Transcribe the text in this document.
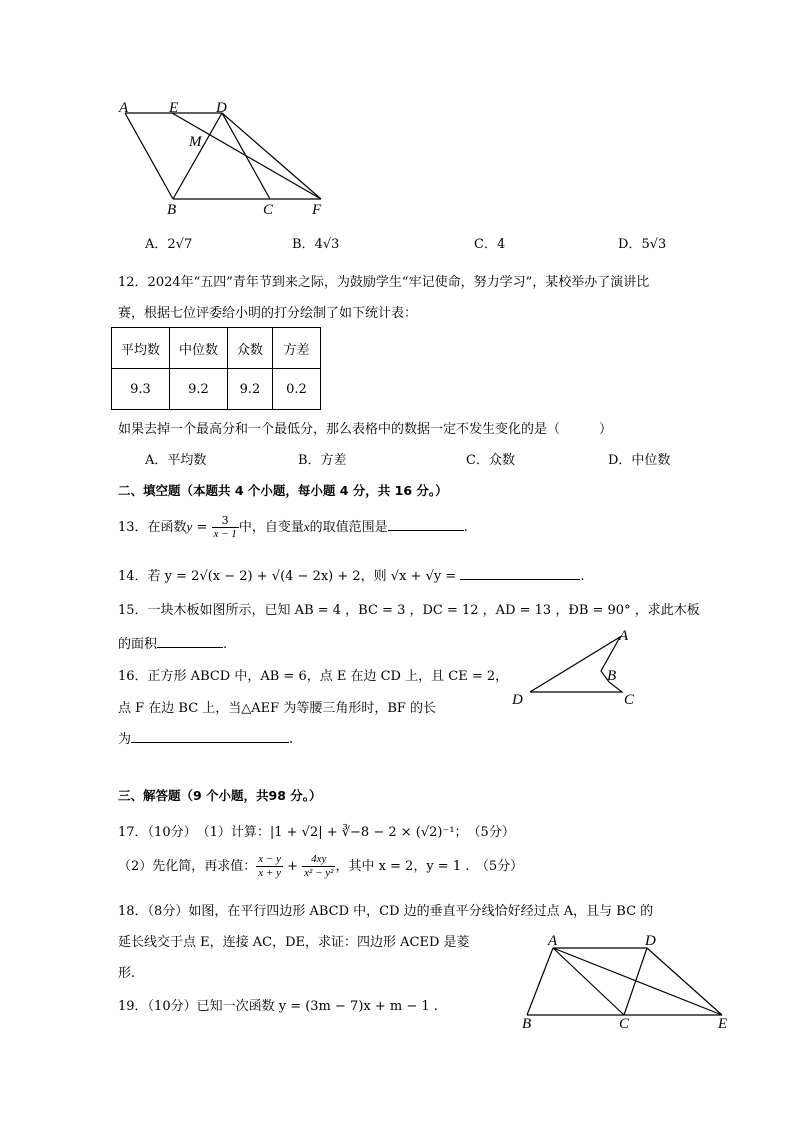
A	E	D
M
B	C	F
A．2√7	B．4√3	C．4	D．5√3
12．2024年“五四”青年节到来之际，为鼓励学生“牢记使命，努力学习”，某校举办了演讲比
赛，根据七位评委给小明的打分绘制了如下统计表：
平均数	中位数	众数	方差
9.3	9.2	9.2	0.2
如果去掉一个最高分和一个最低分，那么表格中的数据一定不发生变化的是（　　　）
A．平均数	B．方差	C．众数	D．中位数
二、填空题（本题共 4 个小题，每小题 4 分，共 16 分。）
13．在函数$y = \frac{3}{x - 1}$ 中，自变量x的取值范围是	.
14．若 y = 2√(x − 2) + √(4 − 2x) + 2，则 √x + √y =	.
15．一块木板如图所示，已知 AB = 4 ，BC = 3 ，DC = 12 ，AD = 13 ，ÐB = 90° ，求此木板
的面积	.
A
B
C
D
16．正方形 ABCD 中，AB = 6，点 E 在边 CD 上，且 CE = 2，
点 F 在边 BC 上，当△AEF 为等腰三角形时，BF 的长
为	.
三、解答题（9 个小题，共98 分。）
17．（10分）　（1）计算：|1 + √2| + ∛−8 − 2 × (√2)⁻¹；　（5分）
（2）先化简，再求值： $\frac{x - y}{x + y} + \frac{4xy}{\text{x² − y²}}$ ，其中 x = 2，y = 1 .　（5分）
18．（8分）如图，在平行四边形 ABCD 中，CD 边的垂直平分线恰好经过点 A，且与 BC 的
延长线交于点 E，连接 AC，DE，求证：四边形 ACED 是菱
形.
A	D
B	C	E
19．（10分）已知一次函数 y = (3m − 7)x + m − 1 .
